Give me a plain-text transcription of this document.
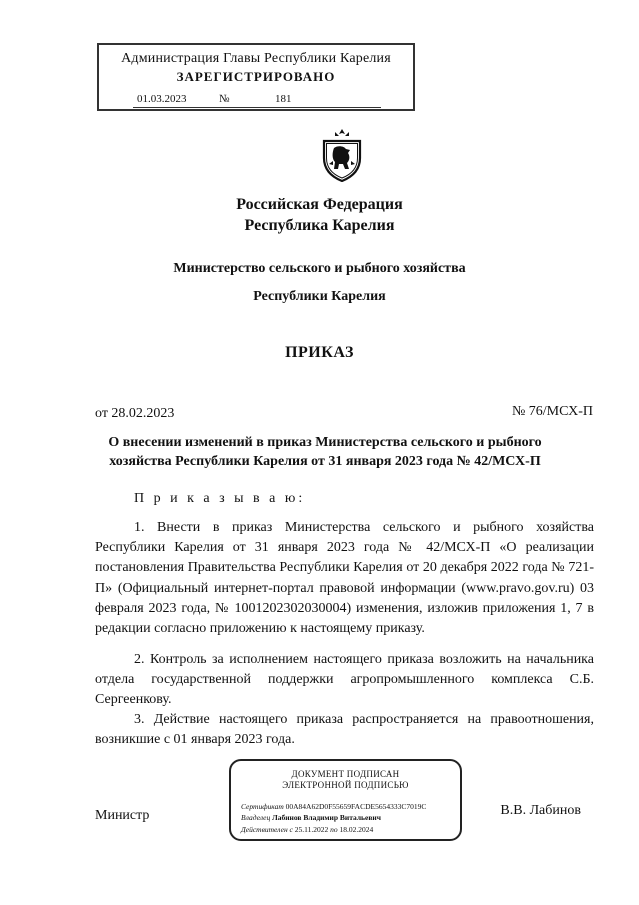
Администрация Главы Республики Карелия
ЗАРЕГИСТРИРОВАНО
01.03.2023	№	181
Российская Федерация
Республика Карелия
Министерство сельского и рыбного хозяйства
Республики Карелия
ПРИКАЗ
от 28.02.2023	№ 76/МСХ-П
О внесении изменений в приказ Министерства сельского и рыбного
хозяйства Республики Карелия от 31 января 2023 года № 42/МСХ-П
П р и к а з ы в а ю:

1. Внести в приказ Министерства сельского и рыбного хозяйства Республики Карелия от 31 января 2023 года № 42/МСХ-П «О реализации постановления Правительства Республики Карелия от 20 декабря 2022 года № 721-П» (Официальный интернет-портал правовой информации (www.pravo.gov.ru) 03 февраля 2023 года, № 1001202302030004) изменения, изложив приложения 1, 7 в редакции согласно приложению к настоящему приказу.

2. Контроль за исполнением настоящего приказа возложить на начальника отдела государственной поддержки агропромышленного комплекса С.Б. Сергеенкову.

3. Действие настоящего приказа распространяется на правоотношения, возникшие с 01 января 2023 года.

Министр	В.В. Лабинов
ДОКУМЕНТ ПОДПИСАН
ЭЛЕКТРОННОЙ ПОДПИСЬЮ
Сертификат 00A84A62D0F55659FACDE5654333C7019C
Владелец Лабинов Владимир Витальевич
Действителен с 25.11.2022 по 18.02.2024
